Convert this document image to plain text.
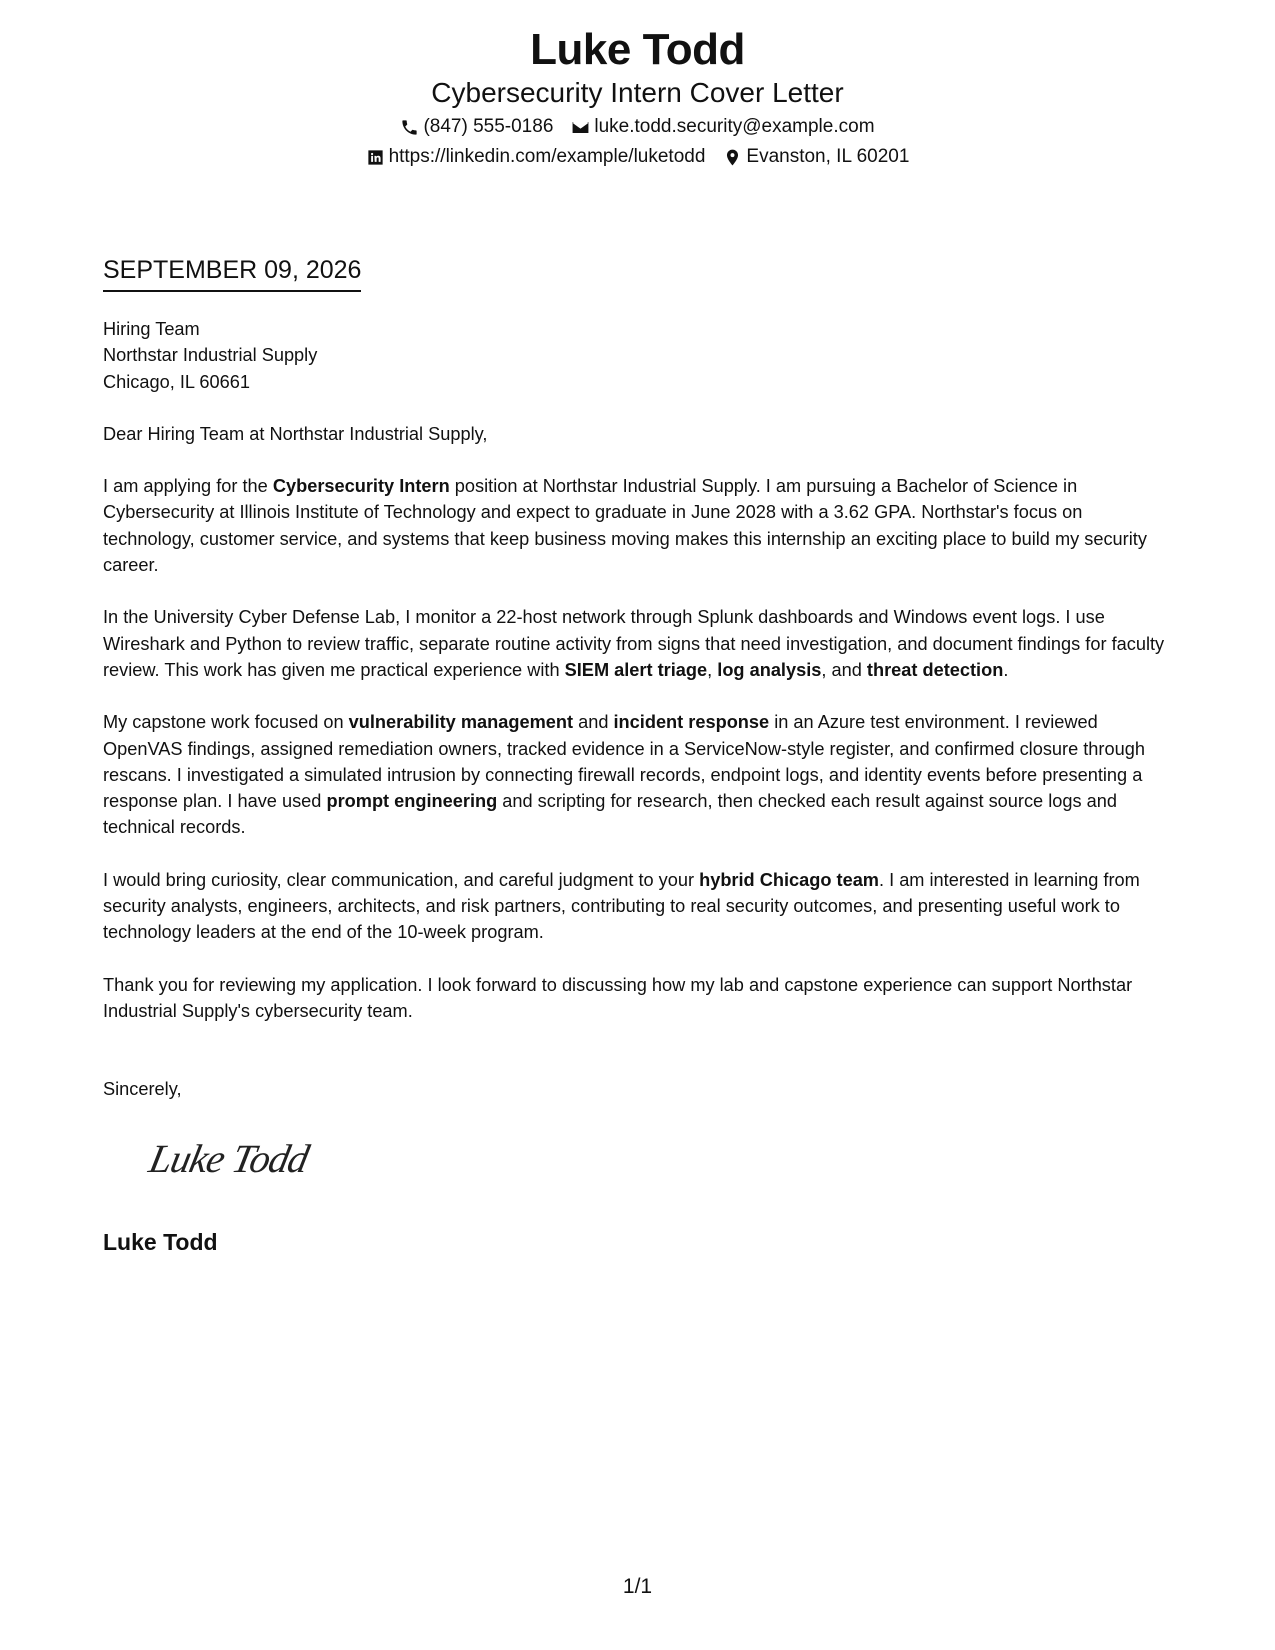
Luke Todd
Cybersecurity Intern Cover Letter
(847) 555-0186 luke.todd.security@example.com
https://linkedin.com/example/luketodd Evanston, IL 60201
SEPTEMBER 09, 2026

Hiring Team

Northstar Industrial Supply

Chicago, IL 60661

Dear Hiring Team at Northstar Industrial Supply,

I am applying for the Cybersecurity Intern position at Northstar Industrial Supply. I am pursuing a Bachelor of Science in Cybersecurity at Illinois Institute of Technology and expect to graduate in June 2028 with a 3.62 GPA. Northstar's focus on technology, customer service, and systems that keep business moving makes this internship an exciting place to build my security career.

In the University Cyber Defense Lab, I monitor a 22-host network through Splunk dashboards and Windows event logs. I use Wireshark and Python to review traffic, separate routine activity from signs that need investigation, and document findings for faculty review. This work has given me practical experience with SIEM alert triage, log analysis, and threat detection.

My capstone work focused on vulnerability management and incident response in an Azure test environment. I reviewed OpenVAS findings, assigned remediation owners, tracked evidence in a ServiceNow-style register, and confirmed closure through rescans. I investigated a simulated intrusion by connecting firewall records, endpoint logs, and identity events before presenting a response plan. I have used prompt engineering and scripting for research, then checked each result against source logs and technical records.

I would bring curiosity, clear communication, and careful judgment to your hybrid Chicago team. I am interested in learning from security analysts, engineers, architects, and risk partners, contributing to real security outcomes, and presenting useful work to technology leaders at the end of the 10-week program.

Thank you for reviewing my application. I look forward to discussing how my lab and capstone experience can support Northstar Industrial Supply's cybersecurity team.

Sincerely,

Luke Todd
Luke Todd
1/1
